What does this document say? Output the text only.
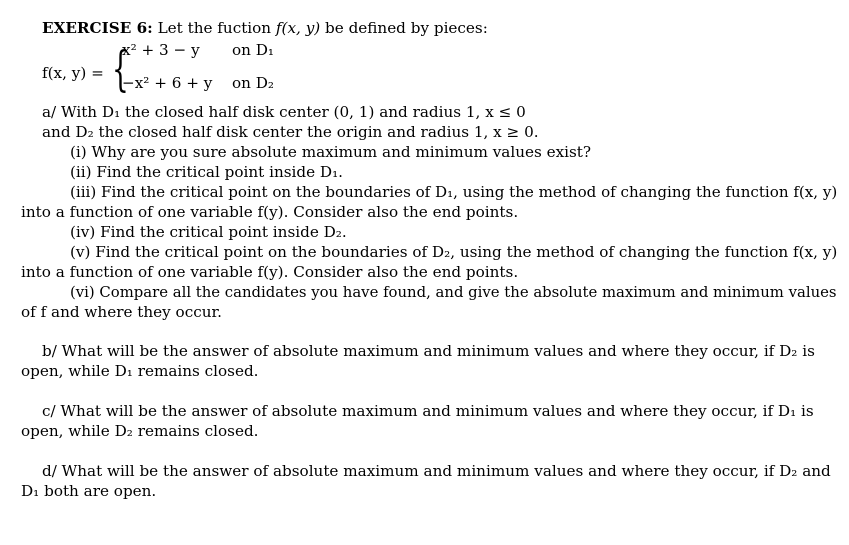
EXERCISE 6: Let the fuction f(x, y) be defined by pieces:
f(x, y) = {
x² + 3 − y on D₁
−x² + 6 + y on D₂
a/ With D₁ the closed half disk center (0, 1) and radius 1, x ≤ 0
and D₂ the closed half disk center the origin and radius 1, x ≥ 0.
(i) Why are you sure absolute maximum and minimum values exist?
(ii) Find the critical point inside D₁.
(iii) Find the critical point on the boundaries of D₁, using the method of changing the function f(x, y)
into a function of one variable f(y). Consider also the end points.
(iv) Find the critical point inside D₂.
(v) Find the critical point on the boundaries of D₂, using the method of changing the function f(x, y)
into a function of one variable f(y). Consider also the end points.
(vi) Compare all the candidates you have found, and give the absolute maximum and minimum values
of f and where they occur.
b/ What will be the answer of absolute maximum and minimum values and where they occur, if D₂ is
open, while D₁ remains closed.
c/ What will be the answer of absolute maximum and minimum values and where they occur, if D₁ is
open, while D₂ remains closed.
d/ What will be the answer of absolute maximum and minimum values and where they occur, if D₂ and
D₁ both are open.
